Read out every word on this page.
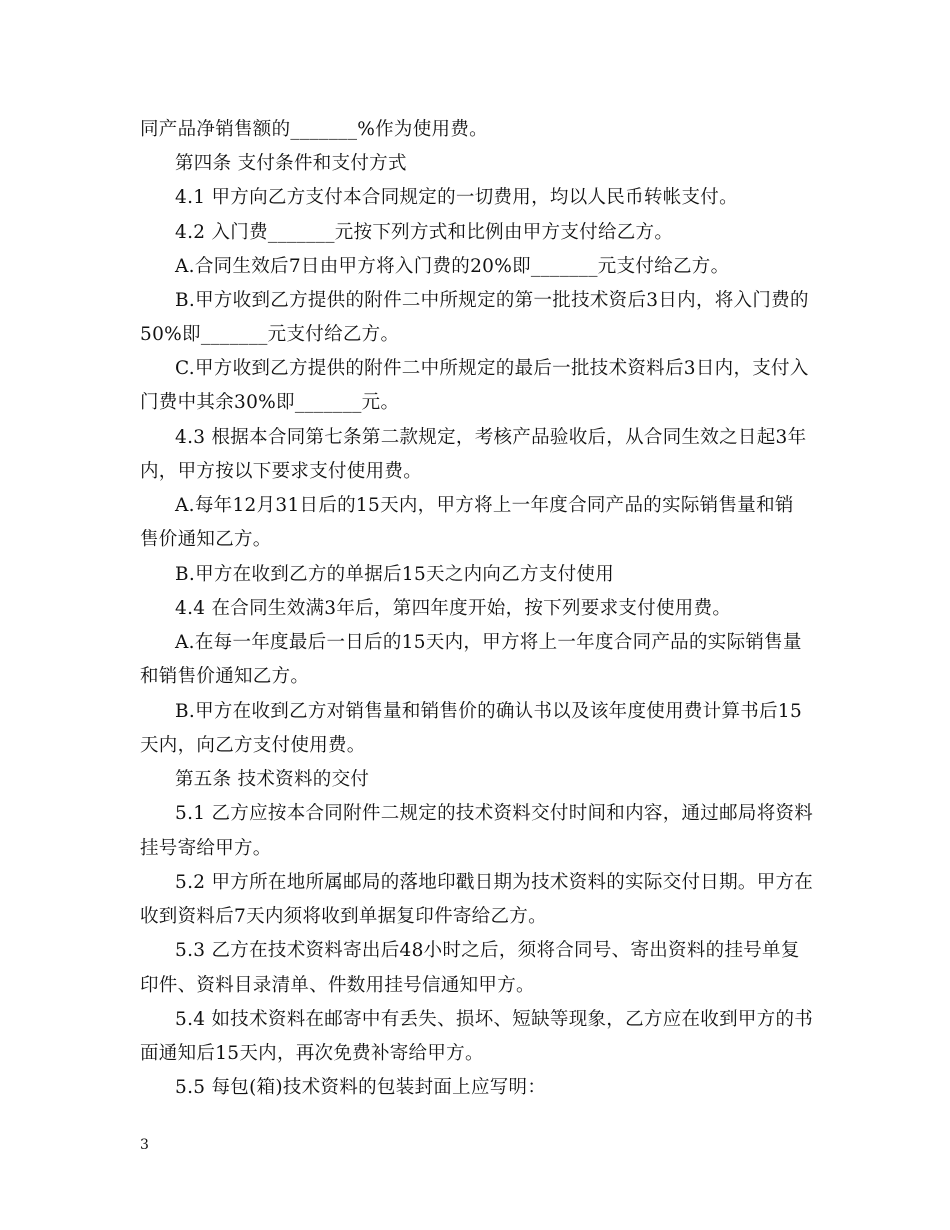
同产品净销售额的_______%作为使用费。
第四条 支付条件和支付方式
4.1 甲方向乙方支付本合同规定的一切费用，均以人民币转帐支付。
4.2 入门费_______元按下列方式和比例由甲方支付给乙方。
A.合同生效后7日由甲方将入门费的20%即_______元支付给乙方。
B.甲方收到乙方提供的附件二中所规定的第一批技术资后3日内，将入门费的
50%即_______元支付给乙方。
C.甲方收到乙方提供的附件二中所规定的最后一批技术资料后3日内，支付入
门费中其余30%即_______元。
4.3 根据本合同第七条第二款规定，考核产品验收后，从合同生效之日起3年
内，甲方按以下要求支付使用费。
A.每年12月31日后的15天内，甲方将上一年度合同产品的实际销售量和销
售价通知乙方。
B.甲方在收到乙方的单据后15天之内向乙方支付使用
4.4 在合同生效满3年后，第四年度开始，按下列要求支付使用费。
A.在每一年度最后一日后的15天内，甲方将上一年度合同产品的实际销售量
和销售价通知乙方。
B.甲方在收到乙方对销售量和销售价的确认书以及该年度使用费计算书后15
天内，向乙方支付使用费。
第五条 技术资料的交付
5.1 乙方应按本合同附件二规定的技术资料交付时间和内容，通过邮局将资料
挂号寄给甲方。
5.2 甲方所在地所属邮局的落地印戳日期为技术资料的实际交付日期。甲方在
收到资料后7天内须将收到单据复印件寄给乙方。
5.3 乙方在技术资料寄出后48小时之后，须将合同号、寄出资料的挂号单复
印件、资料目录清单、件数用挂号信通知甲方。
5.4 如技术资料在邮寄中有丢失、损坏、短缺等现象，乙方应在收到甲方的书
面通知后15天内，再次免费补寄给甲方。
5.5 每包(箱)技术资料的包装封面上应写明：
3
